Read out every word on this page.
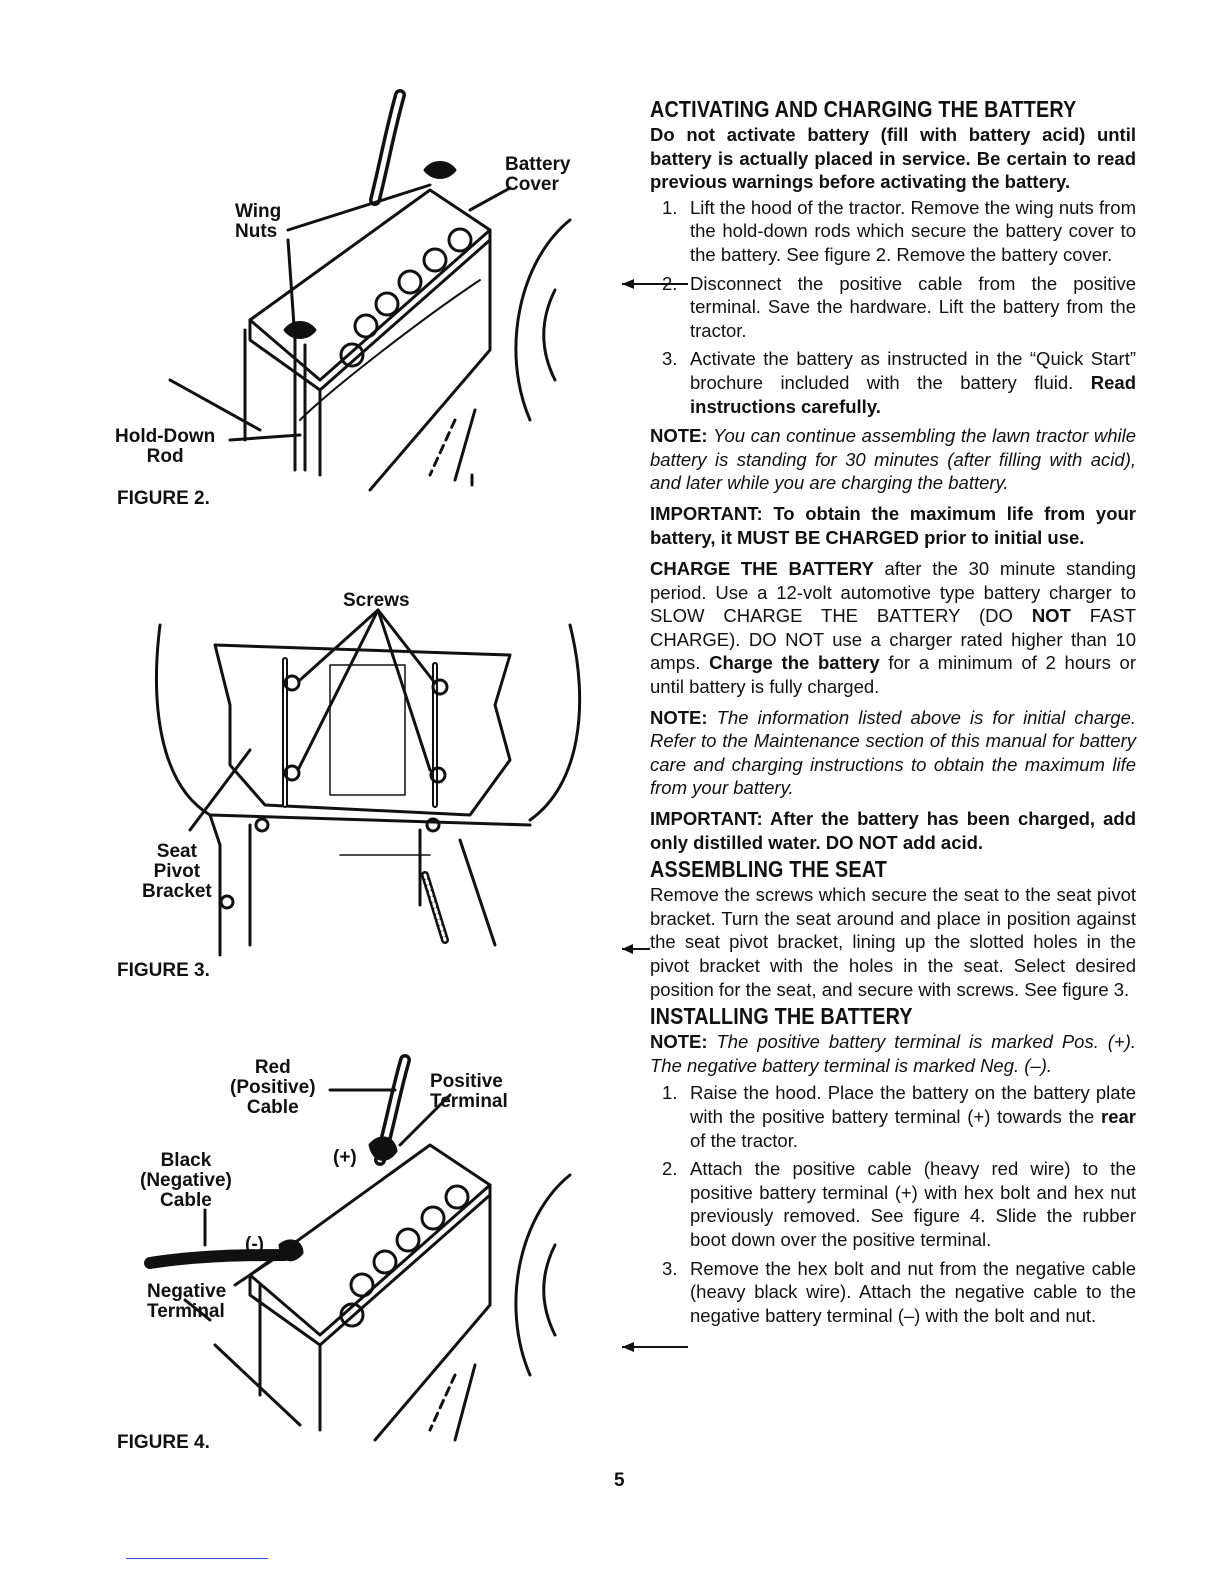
Battery
Cover
Wing
Nuts
Hold-Down
Rod
FIGURE 2.
Screws
Seat
Pivot
Bracket
FIGURE 3.
Red
(Positive)
Cable
Positive
Terminal
(+)
Black
(Negative)
Cable
(-)
Negative
Terminal
FIGURE 4.
ACTIVATING AND CHARGING THE BATTERY

Do not activate battery (fill with battery acid) until battery is actually placed in service. Be certain to read previous warnings before activating the battery.

1. Lift the hood of the tractor. Remove the wing nuts from the hold-down rods which secure the battery cover to the battery. See figure 2. Remove the battery cover.
2. Disconnect the positive cable from the positive terminal. Save the hardware. Lift the battery from the tractor.
3. Activate the battery as instructed in the “Quick Start” brochure included with the battery fluid. Read instructions carefully.

NOTE: You can continue assembling the lawn tractor while battery is standing for 30 minutes (after filling with acid), and later while you are charging the battery.

IMPORTANT: To obtain the maximum life from your battery, it MUST BE CHARGED prior to initial use.

CHARGE THE BATTERY after the 30 minute standing period. Use a 12-volt automotive type battery charger to SLOW CHARGE THE BATTERY (DO NOT FAST CHARGE). DO NOT use a charger rated higher than 10 amps. Charge the battery for a minimum of 2 hours or until battery is fully charged.

NOTE: The information listed above is for initial charge. Refer to the Maintenance section of this manual for battery care and charging instructions to obtain the maximum life from your battery.

IMPORTANT: After the battery has been charged, add only distilled water. DO NOT add acid.

ASSEMBLING THE SEAT

Remove the screws which secure the seat to the seat pivot bracket. Turn the seat around and place in position against the seat pivot bracket, lining up the slotted holes in the pivot bracket with the holes in the seat. Select desired position for the seat, and secure with screws. See figure 3.

INSTALLING THE BATTERY

NOTE: The positive battery terminal is marked Pos. (+). The negative battery terminal is marked Neg. (–).

1. Raise the hood. Place the battery on the battery plate with the positive battery terminal (+) towards the rear of the tractor.
2. Attach the positive cable (heavy red wire) to the positive battery terminal (+) with hex bolt and hex nut previously removed. See figure 4. Slide the rubber boot down over the positive terminal.
3. Remove the hex bolt and nut from the negative cable (heavy black wire). Attach the negative cable to the negative battery terminal (–) with the bolt and nut.
5
